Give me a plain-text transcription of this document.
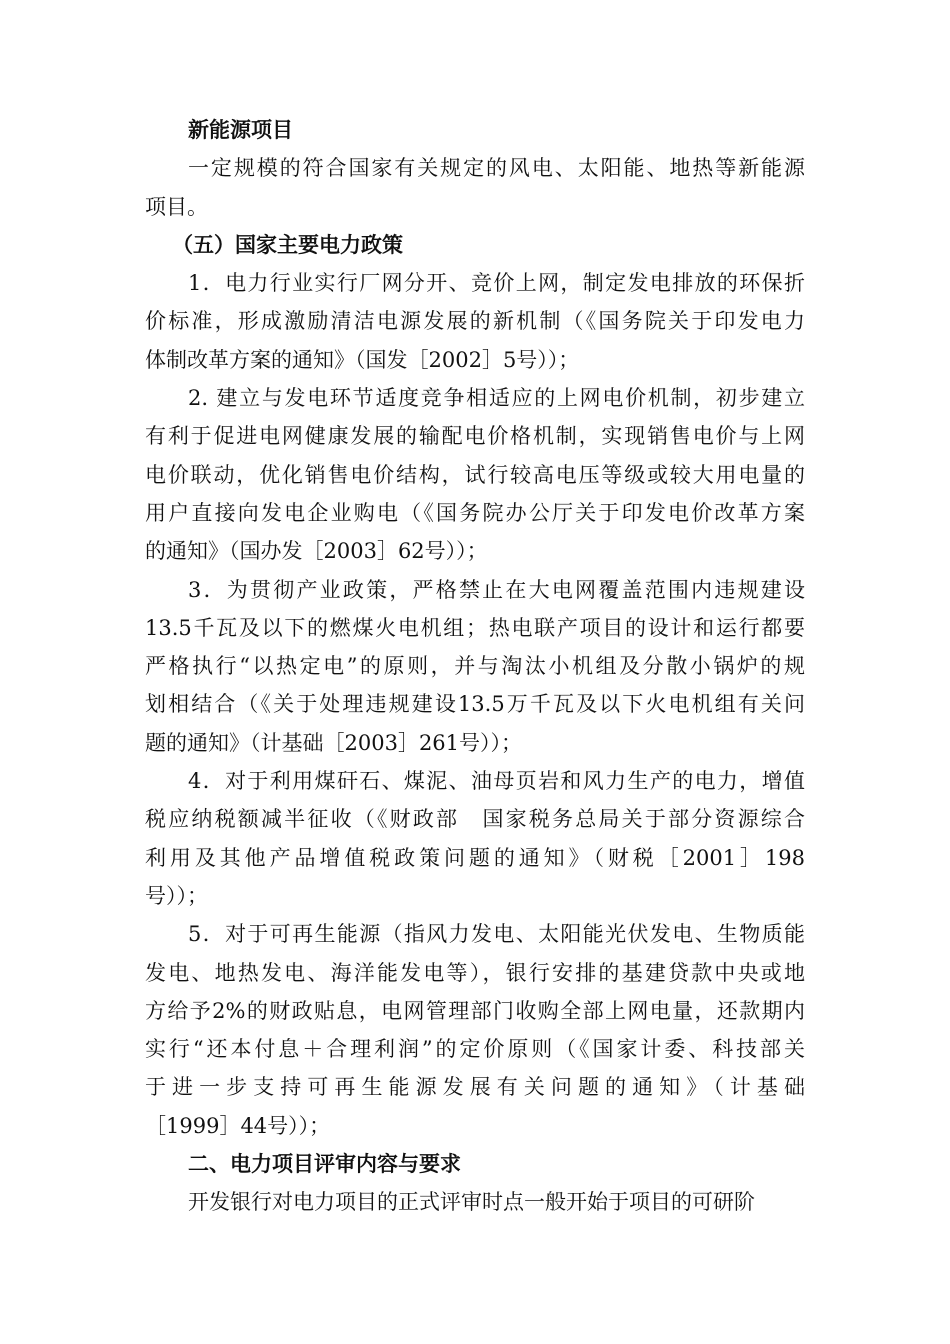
新能源项目
一定规模的符合国家有关规定的风电、太阳能、地热等新能源
项目。
（五）国家主要电力政策
1．电力行业实行厂网分开、竞价上网，制定发电排放的环保折
价标准，形成激励清洁电源发展的新机制（《国务院关于印发电力
体制改革方案的通知》（国发［2002］5号））；
2. 建立与发电环节适度竞争相适应的上网电价机制，初步建立
有利于促进电网健康发展的输配电价格机制，实现销售电价与上网
电价联动，优化销售电价结构，试行较高电压等级或较大用电量的
用户直接向发电企业购电（《国务院办公厅关于印发电价改革方案
的通知》（国办发［2003］62号））；
3．为贯彻产业政策，严格禁止在大电网覆盖范围内违规建设
13.5千瓦及以下的燃煤火电机组；热电联产项目的设计和运行都要
严格执行“以热定电”的原则，并与淘汰小机组及分散小锅炉的规
划相结合（《关于处理违规建设13.5万千瓦及以下火电机组有关问
题的通知》（计基础［2003］261号））；
4．对于利用煤矸石、煤泥、油母页岩和风力生产的电力，增值
税应纳税额减半征收（《财政部　国家税务总局关于部分资源综合
利用及其他产品增值税政策问题的通知》（财税［2001］198
号））；
5．对于可再生能源（指风力发电、太阳能光伏发电、生物质能
发电、地热发电、海洋能发电等），银行安排的基建贷款中央或地
方给予2%的财政贴息，电网管理部门收购全部上网电量，还款期内
实行“还本付息＋合理利润”的定价原则（《国家计委、科技部关
于进一步支持可再生能源发展有关问题的通知》（计基础
［1999］44号））；
二、电力项目评审内容与要求
开发银行对电力项目的正式评审时点一般开始于项目的可研阶
